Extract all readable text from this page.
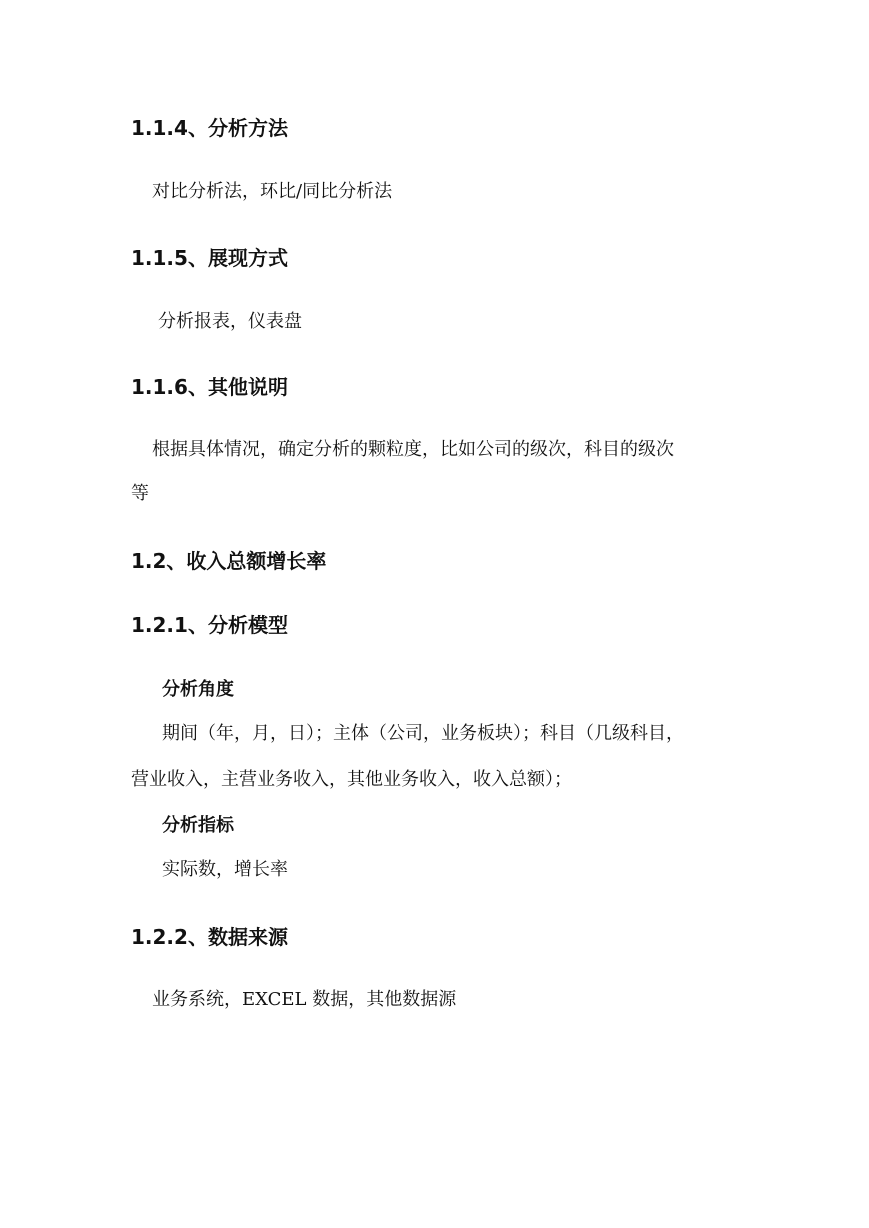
1.1.4、分析方法

对比分析法，环比/同比分析法

1.1.5、展现方式

分析报表，仪表盘

1.1.6、其他说明

根据具体情况，确定分析的颗粒度，比如公司的级次，科目的级次

等

1.2、收入总额增长率
1.2.1、分析模型

分析角度

期间（年，月，日）；主体（公司，业务板块）；科目（几级科目，

营业收入，主营业务收入，其他业务收入，收入总额）；

分析指标

实际数，增长率

1.2.2、数据来源

业务系统，EXCEL 数据，其他数据源
